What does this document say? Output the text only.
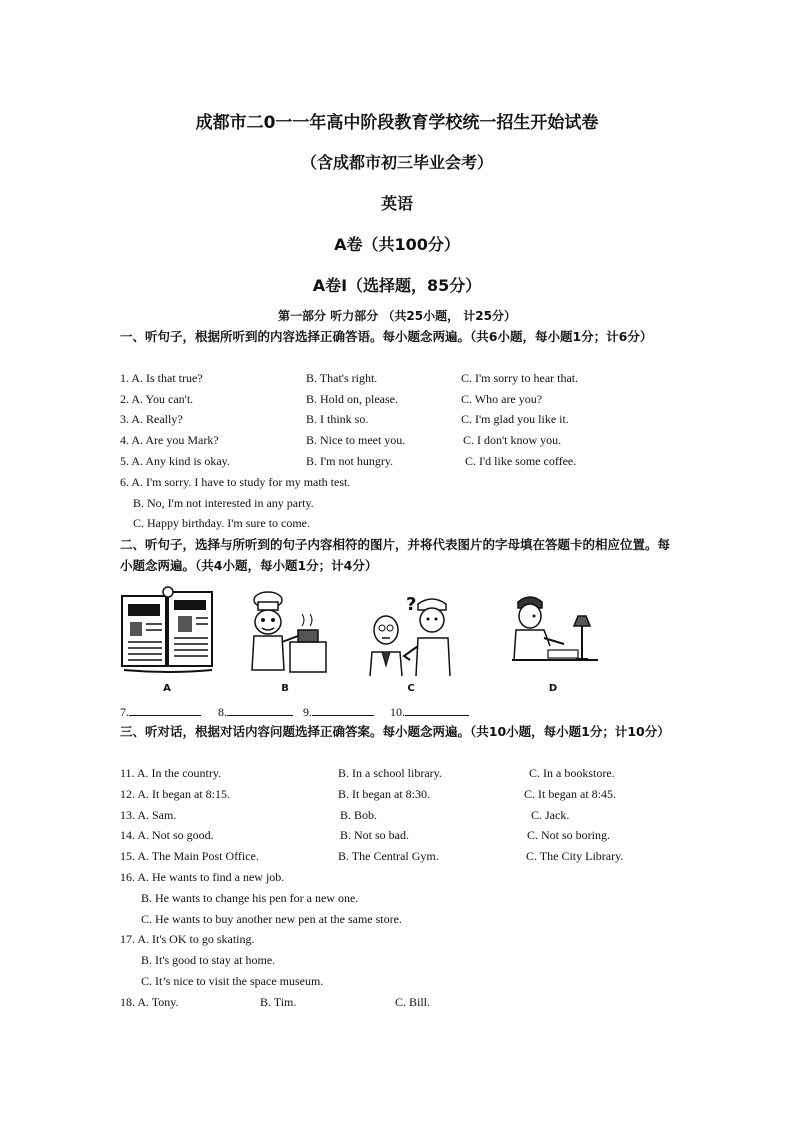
成都市二0一一年高中阶段教育学校统一招生开始试卷
（含成都市初三毕业会考）
英语
A卷（共100分）
A卷Ⅰ（选择题，85分）
第一部分 听力部分 （共25小题， 计25分）
一、听句子，根据所听到的内容选择正确答语。每小题念两遍。（共6小题，每小题1分；计6分）
1. A. Is that true?	B. That's right.	C. I'm sorry to hear that.
2. A. You can't.	B. Hold on, please.	C. Who are you?
3. A. Really?	B. I think so.	C. I'm glad you like it.
4. A. Are you Mark?	B. Nice to meet you.	C. I don't know you.
5. A. Any kind is okay.	B. I'm not hungry.	C. I'd like some coffee.
6. A. I'm sorry. I have to study for my math test.
B. No, I'm not interested in any party.
C. Happy birthday. I'm sure to come.
二、听句子，选择与所听到的句子内容相符的图片，并将代表图片的字母填在答题卡的相应位置。每小题念两遍。（共4小题，每小题1分；计4分）
A	B
?
C	D
7.	8.	9.	10.
三、听对话，根据对话内容问题选择正确答案。每小题念两遍。（共10小题，每小题1分；计10分）
11. A. In the country.	B. In a school library.	C. In a bookstore.
12. A. It began at 8:15.	B. It began at 8:30.	C. It began at 8:45.
13. A. Sam.	B. Bob.	C. Jack.
14. A. Not so good.	B. Not so bad.	C. Not so boring.
15. A. The Main Post Office.	B. The Central Gym.	C. The City Library.
16. A. He wants to find a new job.
B. He wants to change his pen for a new one.
C. He wants to buy another new pen at the same store.
17. A. It's OK to go skating.
B. It's good to stay at home.
C. It’s nice to visit the space museum.
18. A. Tony.	B. Tim.	C. Bill.
